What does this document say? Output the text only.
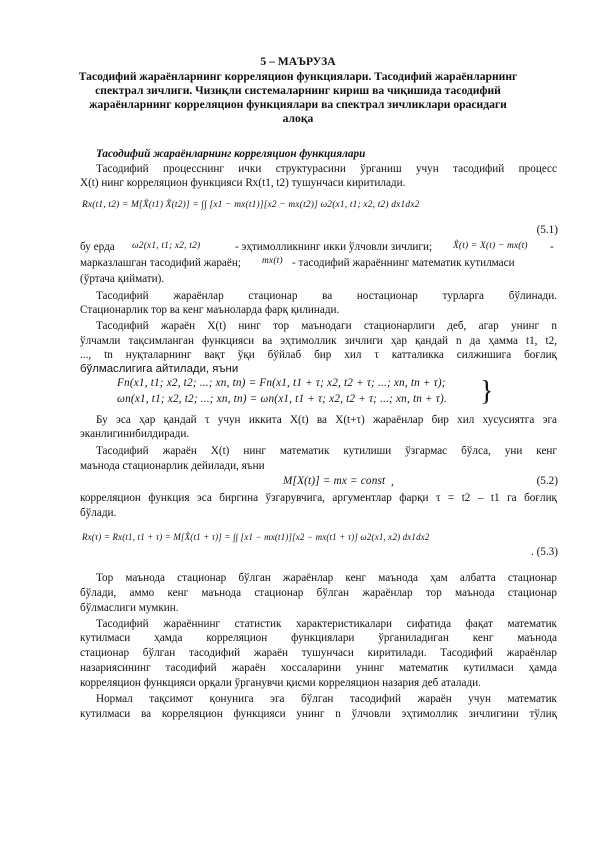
5 – МАЪРУЗА
Тасодифий жараёнларнинг корреляцион функциялари. Тасодифий жараёнларнинг
спектрал зичлиги. Чизиқли системаларнинг кириш ва чиқишида тасодифий
жараёнларнинг корреляцион функциялари ва спектрал зичликлари орасидаги
алоқа
Тасодифий жараёнларнинг корреляцион функциялари
Тасодифий процесснинг ички структурасини ўрганиш учун тасодифий процесс
X(t) нинг корреляцион функцияси Rx(t1, t2) тушунчаси киритилади.
Rx(t1, t2) = M[X̊(t1) X̊(t2)] = ∫∫ [x1 − mx(t1)][x2 − mx(t2)] ω2(x1, t1; x2, t2) dx1dx2
(5.1)
бу ерда	ω2(x1, t1; x2, t2)	- эҳтимолликнинг икки ўлчовли зичлиги;	X̊(t) = X(t) − mx(t) -
марказлашган тасодифий жараён;	mx(t) - тасодифий жараённинг математик кутилмаси
(ўртача қиймати).
Тасодифий жараёнлар стационар ва ностационар турларга бўлинади.
Стационарлик тор ва кенг маъноларда фарқ қилинади.
Тасодифий жараён X(t) нинг тор маънодаги стационарлиги деб, агар унинг n
ўлчамли тақсимланган функцияси ва эҳтимоллик зичлиги ҳар қандай n да ҳамма t1, t2,
..., tn нуқталарнинг вақт ўқи бўйлаб бир хил τ катталикка силжишига боғлиқ
бўлмаслигига айтилади, яъни
Fn(x1, t1; x2, t2; ...; xn, tn) = Fn(x1, t1 + τ; x2, t2 + τ; ...; xn, tn + τ);
ωn(x1, t1; x2, t2; ...; xn, tn) = ωn(x1, t1 + τ; x2, t2 + τ; ...; xn, tn + τ). }
Бу эса ҳар қандай τ учун иккита X(t) ва X(t+τ) жараёнлар бир хил хусусиятга эга
эканлигинибилдиради.
Тасодифий жараён X(t) нинг математик кутилиши ўзгармас бўлса, уни кенг
маънода стационарлик дейилади, яъни
M[X(t)] = mx = const ,	(5.2)
корреляцион функция эса биргина ўзгарувчига, аргументлар фарқи τ = t2 – t1 га боғлиқ
бўлади.
Rx(τ) = Rx(t1, t1 + τ) = M[X̊(t1 + τ)] = ∫∫ [x1 − mx(t1)][x2 − mx(t1 + τ)] ω2(x1, x2) dx1dx2
. (5.3)
Тор маънода стационар бўлган жараёнлар кенг маънода ҳам албатта стационар
бўлади, аммо кенг маънода стационар бўлган жараёнлар тор маънода стационар
бўлмаслиги мумкин.
Тасодифий жараённинг статистик характеристикалари сифатида фақат математик
кутилмаси ҳамда корреляцион функциялари ўрганиладиган кенг маънода
стационар бўлган тасодифий жараён тушунчаси киритилади. Тасодифий жараёнлар
назариясининг тасодифий жараён хоссаларини унинг математик кутилмаси ҳамда
корреляцион функцияси орқали ўрганувчи қисми корреляцион назария деб аталади.
Нормал тақсимот қонунига эга бўлган тасодифий жараён учун математик
кутилмаси ва корреляцион функцияси унинг n ўлчовли эҳтимоллик зичлигини тўлиқ
